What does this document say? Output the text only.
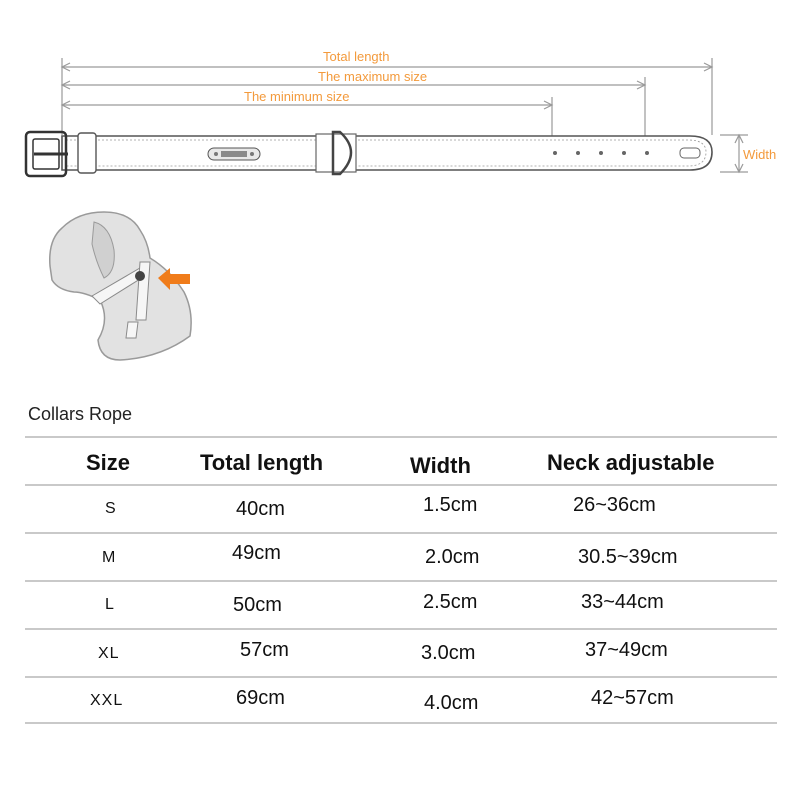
Total length
The maximum size
The minimum size
Width
Collars Rope
Size	Total length	Width	Neck adjustable
S	40cm	1.5cm	26~36cm
M	49cm	2.0cm	30.5~39cm
L	50cm	2.5cm	33~44cm
XL	57cm	3.0cm	37~49cm
XXL	69cm	4.0cm	42~57cm
